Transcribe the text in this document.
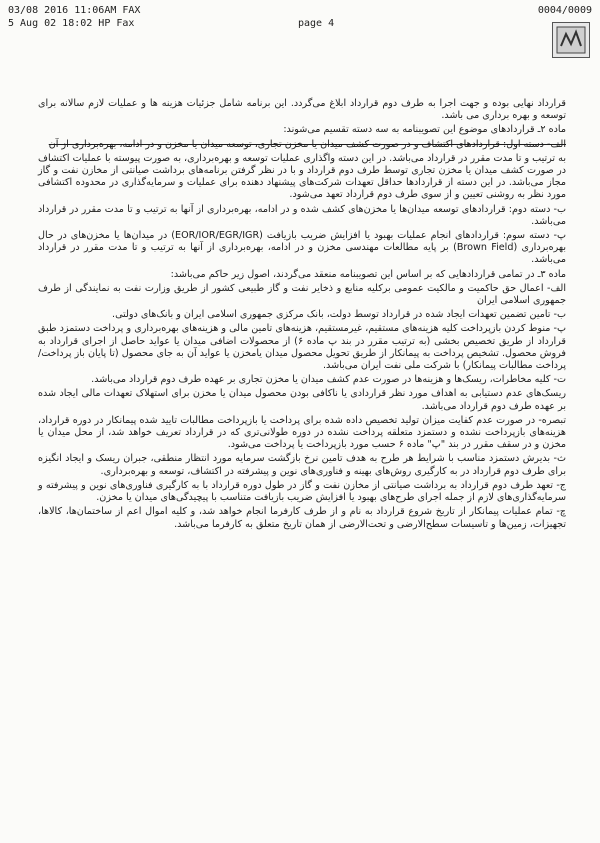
03/08 2016 11:06AM FAX	0004/0009
5 Aug 02 18:02 HP Fax	page 4

قرارداد نهایی بوده و جهت اجرا به طرف دوم قرارداد ابلاغ می‌گردد. این برنامه شامل جزئیات هزینه ها و عملیات لازم سالانه برای توسعه و بهره برداری می باشد.

ماده ۲ـ قراردادهای موضوع این تصویبنامه به سه دسته تقسیم می‌شوند:

الف- دسته اول: قراردادهای اکتشاف و در صورت کشف میدان یا مخزن تجاری، توسعه میدان یا مخزن و در ادامه، بهره‌برداری از آن

به ترتیب و تا مدت مقرر در قرارداد می‌باشد. در این دسته واگذاری عملیات توسعه و بهره‌برداری، به صورت پیوسته با عملیات اکتشاف در صورت کشف میدان یا مخزن تجاری توسط طرف دوم قرارداد و با در نظر گرفتن برنامه‌های برداشت صیانتی از مخازن نفت و گاز مجاز می‌باشد. در این دسته از قراردادها حداقل تعهدات شرکت‌های پیشنهاد دهنده برای عملیات و سرمایه‌گذاری در محدوده اکتشافی مورد نظر به روشنی تعیین و از سوی طرف دوم قرارداد تعهد می‌شود.

ب- دسته دوم: قراردادهای توسعه میدان‌ها یا مخزن‌های کشف شده و در ادامه، بهره‌برداری از آنها به ترتیب و تا مدت مقرر در قرارداد می‌باشد.

پ- دسته سوم: قراردادهای انجام عملیات بهبود یا افزایش ضریب بازیافت (EOR/IOR/EGR/IGR) در میدان‌ها یا مخزن‌های در حال بهره‌برداری (Brown Field) بر پایه مطالعات مهندسی مخزن و در ادامه، بهره‌برداری از آنها به ترتیب و تا مدت مقرر در قرارداد می‌باشد.

ماده ۳ـ در تمامی قراردادهایی که بر اساس این تصویبنامه منعقد می‌گردند، اصول زیر حاکم می‌باشد:

الف- اعمال حق حاکمیت و مالکیت عمومی برکلیه منابع و ذخایر نفت و گاز طبیعی کشور از طریق وزارت نفت به نمایندگی از طرف جمهوری اسلامی ایران

ب- تامین تضمین تعهدات ایجاد شده در قرارداد توسط دولت، بانک مرکزی جمهوری اسلامی ایران و بانک‌های دولتی.

پ- منوط کردن بازپرداخت کلیه هزینه‌های مستقیم، غیرمستقیم، هزینه‌های تامین مالی و هزینه‌های بهره‌برداری و پرداخت دستمزد طبق قرارداد از طریق تخصیص بخشی (به ترتیب مقرر در بند پ ماده ۶) از محصولات اضافی میدان یا عواید حاصل از اجرای قرارداد به فروش محصول. تشخیص پرداخت به پیمانکار از طریق تحویل محصول میدان یامخزن یا عواید آن به جای محصول (تا پایان باز پرداخت/پرداخت مطالبات پیمانکار) با شرکت ملی نفت ایران می‌باشد.

ت- کلیه مخاطرات، ریسک‌ها و هزینه‌ها در صورت عدم کشف میدان یا مخزن تجاری بر عهده طرف دوم قرارداد می‌باشد.

ریسک‌های عدم دستیابی به اهداف مورد نظر قراردادی یا ناکافی بودن محصول میدان یا مخزن برای استهلاک تعهدات مالی ایجاد شده بر عهده طرف دوم قرارداد می‌باشد.

تبصره- در صورت عدم کفایت میزان تولید تخصیص داده شده برای پرداخت یا بازپرداخت مطالبات تایید شده پیمانکار در دوره قرارداد، هزینه‌های بازپرداخت نشده و دستمزد متعلقه پرداخت نشده در دوره طولانی‌تری که در قرارداد تعریف خواهد شد، از محل میدان یا مخزن و در سقف مقرر در بند "پ" ماده ۶ حسب مورد بازپرداخت یا پرداخت می‌شود.

ث- بدیرش دستمزد مناسب با شرایط هر طرح به هدف تامین نرخ بازگشت سرمایه مورد انتظار منطقی، جبران ریسک و ایجاد انگیزه برای طرف دوم قرارداد در به کارگیری روش‌های بهینه و فناوری‌های نوین و پیشرفته در اکتشاف، توسعه و بهره‌برداری.

ج- تعهد طرف دوم قرارداد به برداشت صیانتی از مخازن نفت و گاز در طول دوره قرارداد با به کارگیری فناوری‌های نوین و پیشرفته و سرمایه‌گذاری‌های لازم از جمله اجرای طرح‌های بهبود یا افزایش ضریب بازیافت متناسب با پیچیدگی‌های میدان یا مخزن.

چ- تمام عملیات پیمانکار از تاریخ شروع قرارداد به نام و از طرف کارفرما انجام خواهد شد، و کلیه اموال اعم از ساختمان‌ها، کالاها، تجهیزات، زمین‌ها و تاسیسات سطح‌الارضی و تحت‌الارضی از همان تاریخ متعلق به کارفرما می‌باشد.
